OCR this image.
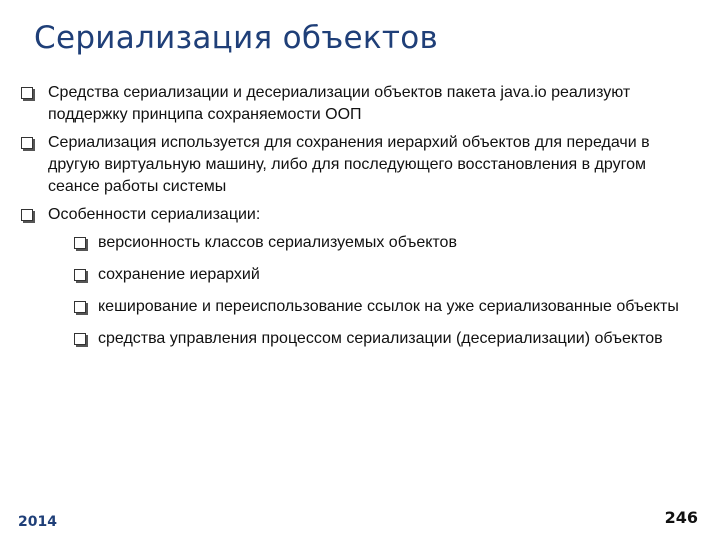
Сериализация объектов
Средства сериализации и десериализации объектов пакета java.io реализуют поддержку принципа сохраняемости ООП
Сериализация используется для сохранения иерархий объектов для передачи в другую виртуальную машину, либо для последующего восстановления в другом сеансе работы системы
Особенности сериализации:
версионность классов сериализуемых объектов
сохранение иерархий
кеширование и переиспользование ссылок на уже сериализованные объекты
средства управления процессом сериализации (десериализации) объектов
2014	246
